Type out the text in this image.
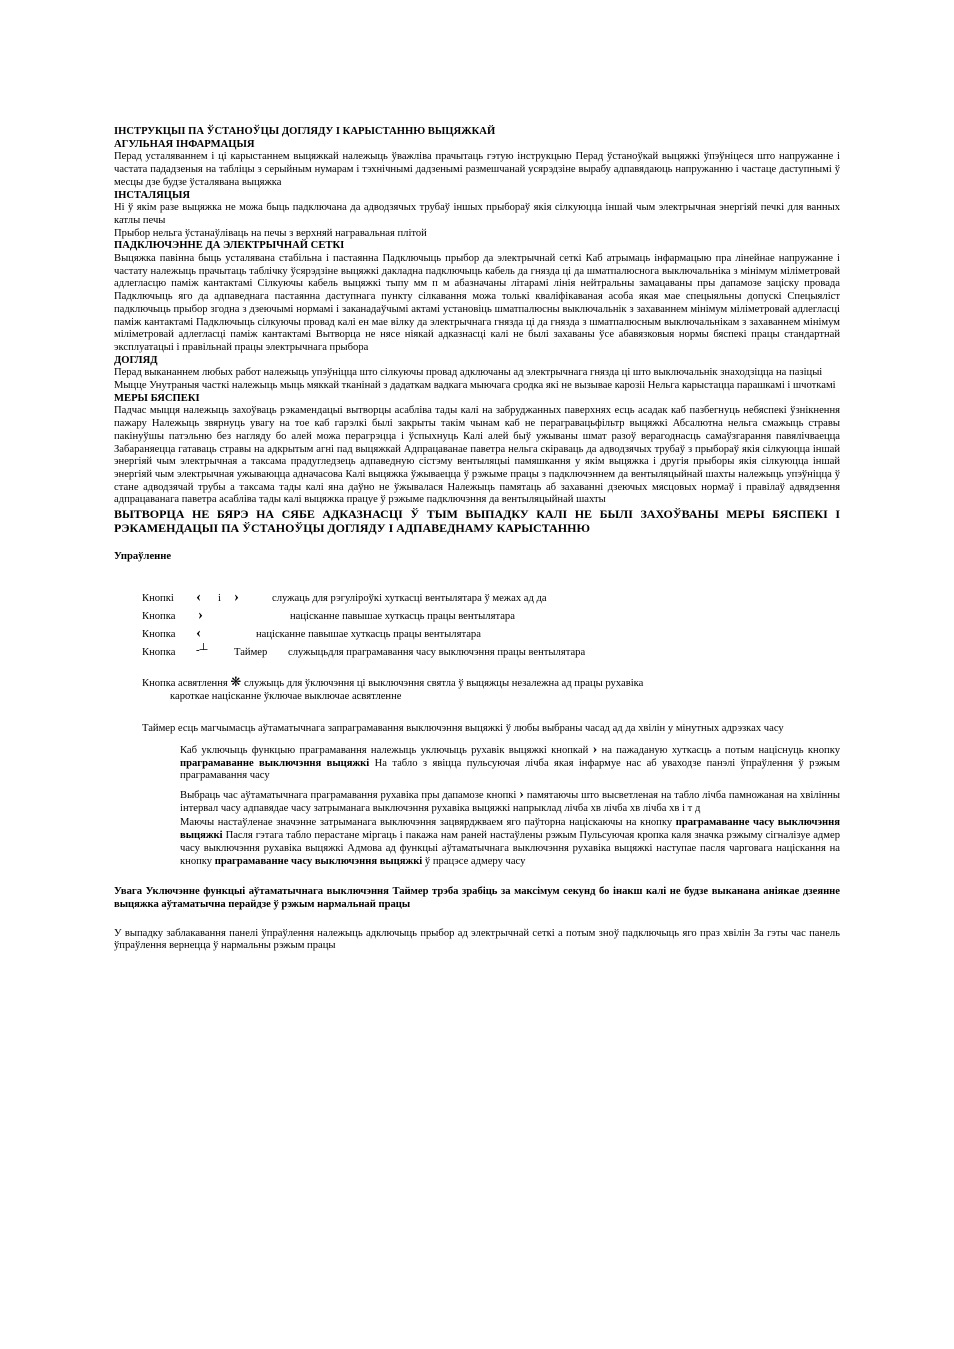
ІНСТРУКЦЫІ ПА ЎСТАНОЎЦЫ ДОГЛЯДУ І КАРЫСТАННЮ ВЫЦЯЖКАЙ

АГУЛЬНАЯ ІНФАРМАЦЫЯ

Перад усталяваннем і ці карыстаннем выцяжкай належыць ўважліва прачытаць гэтую інструкцыю Перад ўстаноўкай выцяжкі ўпэўніцеся што напружанне і частата пададзеныя на табліцы з серыйным нумарам і тэхнічнымі дадзенымі размешчанай усярэдзіне вырабу адпавядаюць напружанню і частаце даступнымі ў месцы дзе будзе ўсталявана выцяжка

ІНСТАЛЯЦЫЯ

Ні ў якім разе выцяжка не можа быць падключана да адводзячых трубаў іншых прыбораў якія сілкуюцца іншай чым электрычная энергіяй печкі для ванных катлы печы

Прыбор нельга ўстанаўліваць на печы з верхняй награвальная плітой

ПАДКЛЮЧЭННЕ ДА ЭЛЕКТРЫЧНАЙ СЕТКІ

Выцяжка павінна быць усталявана стабільна і пастаянна Падключыць прыбор да электрычнай сеткі Каб атрымаць інфармацыю пра лінейнае напружанне і частату належыць прачытаць таблічку ўсярэдзіне выцяжкі дакладна падключыць кабель да гнязда ці да шматпалюснога выключальніка з мінімум міліметровай адлегласцю паміж кантактамі Сілкуючы кабель выцяжкі тыпу мм п м абазначаны літарамі лінія нейтральны замацаваны пры дапамозе заціску провада Падключыць яго да адпаведнага пастаянна даступнага пункту сілкавання можа толькі кваліфікаваная асоба якая мае спецыяльны допускі Спецыяліст падключыць прыбор згодна з дзеючымі нормамі і заканадаўчымі актамі установіць шматпалюсны выключальнік з захаваннем мінімум міліметровай адлегласці паміж кантактамі Падключыць сілкуючы провад калі ен мае вілку да электрычнага гнязда ці да гнязда з шматпалюсным выключальнікам з захаваннем мінімум міліметровай адлегласці паміж кантактамі Вытворца не нясе ніякай адказнасці калі не былі захаваны ўсе абавязковыя нормы бяспекі працы стандартнай эксплуатацыі і правільнай працы электрычнага прыбора

ДОГЛЯД

Перад выкананнем любых работ належыць упэўніцца што сілкуючы провад адключаны ад электрычнага гнязда ці што выключальнік знаходзіцца на пазіцыі

Мыцце Унутраныя часткі належыць мыць мяккай тканінай з дадаткам вадкага мыючага сродка які не вызывае карозіі Нельга карыстацца парашкамі і шчоткамі

МЕРЫ БЯСПЕКІ

Падчас мыцця належыць захоўваць рэкамендацыі вытворцы асабліва тады калі на забруджанных паверхнях есць асадак каб пазбегнуць небяспекі ўзнікнення пажару Належыць звярнуць увагу на тое каб гарэлкі былі закрыты такім чынам каб не перагравацьфільтр выцяжкі Абсалютна нельга смажыць стравы пакінуўшы патэльню без нагляду бо алей можа перагрэцца і ўспыхнуць Калі алей быў ужываны шмат разоў верагоднасць самаўзгарання павялічваецца Забараняецца гатаваць стравы на адкрытым агні пад выцяжкай Адпрацаванае паветра нельга скіраваць да адводзячых трубаў з прыбораў якія сілкуюцца іншай энергіяй чым электрычная а таксама прадугледзець адпаведную сістэму вентыляцыі памяшкання у якім выцяжка і другія прыборы якія сілкуюцца іншай энергіяй чым электрычная ужываюцца адначасова Калі выцяжка ўжываецца ў рэжыме працы з падключэннем да вентыляцыйнай шахты належыць упэўніцца ў стане адводзячай трубы а таксама тады калі яна даўно не ўжывалася Належыць памятаць аб захаванні дзеючых мясцовых нормаў і правілаў адвядзення адпрацаванага паветра асабліва тады калі выцяжка працуе ў рэжыме падключэння да вентыляцыйнай шахты

ВЫТВОРЦА НЕ БЯРЭ НА СЯБЕ АДКАЗНАСЦІ Ў ТЫМ ВЫПАДКУ КАЛІ НЕ БЫЛІ ЗАХОЎВАНЫ МЕРЫ БЯСПЕКІ І РЭКАМЕНДАЦЫІ ПА ЎСТАНОЎЦЫ ДОГЛЯДУ І АДПАВЕДНАМУ КАРЫСТАННЮ

Упраўленне

Кнопкі ‹ і ›	служаць для рэгуліроўкі хуткасці вентылятара ў межах ад да
Кнопка ›	націсканне павышае хуткасць працы вентылятара
Кнопка ‹	націсканне павышае хуткасць працы вентылятара
Кнопка -┴	Таймер служыцьдля праграмавання часу выключэння працы вентылятара
Кнопка асвятлення ❋ служыць для ўключэння ці выключэння святла ў выцяжцы незалежна ад працы рухавіка

кароткае націсканне ўключае выключае асвятленне

Таймер есць магчымасць аўтаматычнага запраграмавання выключэння выцяжкі ў любы выбраны часад ад да хвілін у мінутных адрэзках часу

Каб уключыць функцыю праграмавання належыць уключыць рухавік выцяжкі кнопкай › на пажаданую хуткасць а потым націснуць кнопку праграмаванне выключэння выцяжкі На табло з явіцца пульсуючая лічба якая інфармуе нас аб уваходзе панэлі ўпраўлення ў рэжым праграмавання часу

Выбраць час аўтаматычнага праграмавання рухавіка пры дапамозе кнопкі › памятаючы што высветленая на табло лічба памножаная на хвілінны інтервал часу адпавядае часу затрыманага выключэння рухавіка выцяжкі напрыклад лічба хв лічба хв лічба хв і т д

Маючы настаўленае значэнне затрыманага выключэння зацвярджваем яго паўторна націскаючы на кнопку праграмаванне часу выключэння выцяжкі Пасля гэтага табло перастане міргаць і пакажа нам раней настаўлены рэжым Пульсуючая кропка каля значка рэжыму сігналізуе адмер часу выключэння рухавіка выцяжкі Адмова ад функцыі аўтаматычнага выключэння рухавіка выцяжкі наступае пасля чарговага націскання на кнопку праграмаванне часу выключэння выцяжкі ў працэсе адмеру часу

Увага Уключэнне функцыі аўтаматычнага выключэння Таймер трэба зрабіць за максімум секунд бо інакш калі не будзе выканана аніякае дзеянне выцяжка аўтаматычна перайдзе ў рэжым нармальнай працы

У выпадку заблакавання панелі ўпраўлення належыць адключыць прыбор ад электрычнай сеткі а потым зноў падключыць яго праз хвілін За гэты час панель ўпраўлення вернецца ў нармальны рэжым працы
